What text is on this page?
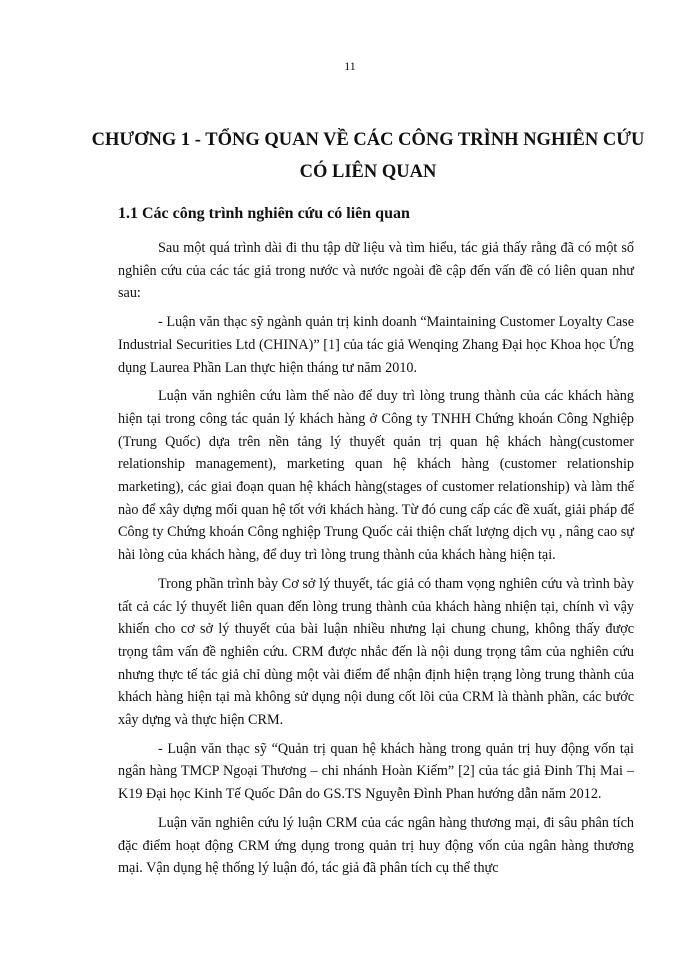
11
CHƯƠNG 1 - TỔNG QUAN VỀ CÁC CÔNG TRÌNH NGHIÊN CỨU CÓ LIÊN QUAN
1.1 Các công trình nghiên cứu có liên quan

Sau một quá trình dài đi thu tập dữ liệu và tìm hiểu, tác giả thấy rằng đã có một số nghiên cứu của các tác giả trong nước và nước ngoài đề cập đến vấn đề có liên quan như sau:

- Luận văn thạc sỹ ngành quản trị kinh doanh “Maintaining Customer Loyalty Case Industrial Securities Ltd (CHINA)” [1] của tác giả Wenqing Zhang Đại học Khoa học Ứng dụng Laurea Phần Lan thực hiện tháng tư năm 2010.

Luận văn nghiên cứu làm thế nào để duy trì lòng trung thành của các khách hàng hiện tại trong công tác quản lý khách hàng ở Công ty TNHH Chứng khoán Công Nghiệp (Trung Quốc) dựa trên nền tảng lý thuyết quản trị quan hệ khách hàng(customer relationship management), marketing quan hệ khách hàng (customer relationship marketing), các giai đoạn quan hệ khách hàng(stages of customer relationship) và làm thế nào để xây dựng mối quan hệ tốt với khách hàng. Từ đó cung cấp các đề xuất, giải pháp để Công ty Chứng khoán Công nghiệp Trung Quốc cải thiện chất lượng dịch vụ , nâng cao sự hài lòng của khách hàng, để duy trì lòng trung thành của khách hàng hiện tại.

Trong phần trình bày Cơ sở lý thuyết, tác giả có tham vọng nghiên cứu và trình bày tất cả các lý thuyết liên quan đến lòng trung thành của khách hàng nhiện tại, chính vì vậy khiến cho cơ sở lý thuyết của bài luận nhiều nhưng lại chung chung, không thấy được trọng tâm vấn đề nghiên cứu. CRM được nhắc đến là nội dung trọng tâm của nghiên cứu nhưng thực tế tác giả chỉ dùng một vài điểm để nhận định hiện trạng lòng trung thành của khách hàng hiện tại mà không sử dụng nội dung cốt lõi của CRM là thành phần, các bước xây dựng và thực hiện CRM.

- Luận văn thạc sỹ “Quản trị quan hệ khách hàng trong quản trị huy động vốn tại ngân hàng TMCP Ngoại Thương – chi nhánh Hoàn Kiếm” [2] của tác giả Đinh Thị Mai – K19 Đại học Kinh Tế Quốc Dân do GS.TS Nguyễn Đình Phan hướng dẫn năm 2012.

Luận văn nghiên cứu lý luận CRM của các ngân hàng thương mại, đi sâu phân tích đặc điểm hoạt động CRM ứng dụng trong quản trị huy động vốn của ngân hàng thương mại. Vận dụng hệ thống lý luận đó, tác giả đã phân tích cụ thể thực
